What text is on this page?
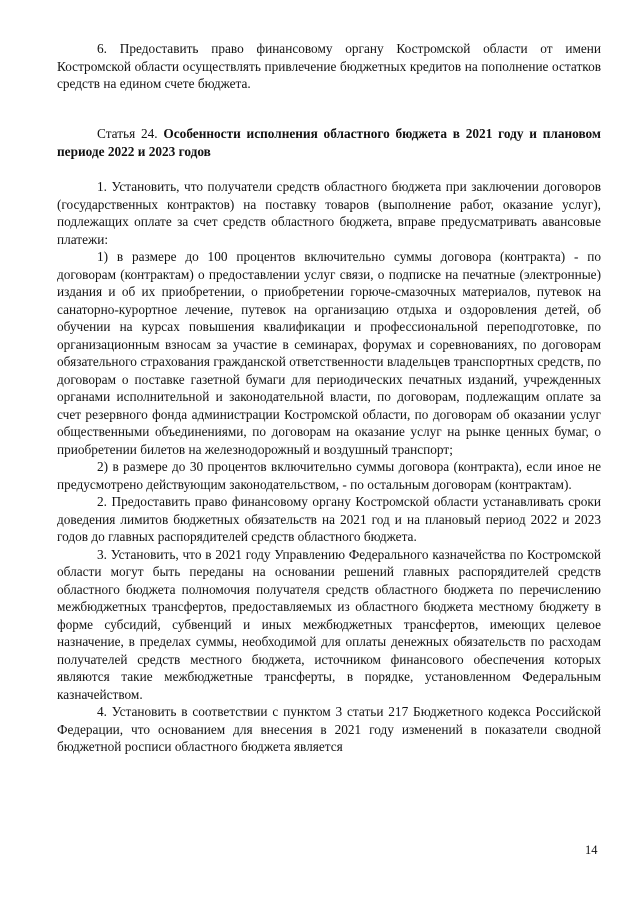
6. Предоставить право финансовому органу Костромской области от имени Костромской области осуществлять привлечение бюджетных кредитов на пополнение остатков средств на едином счете бюджета.

Статья 24. Особенности исполнения областного бюджета в 2021 году и плановом периоде 2022 и 2023 годов

1. Установить, что получатели средств областного бюджета при заключении договоров (государственных контрактов) на поставку товаров (выполнение работ, оказание услуг), подлежащих оплате за счет средств областного бюджета, вправе предусматривать авансовые платежи:

1) в размере до 100 процентов включительно суммы договора (контракта) - по договорам (контрактам) о предоставлении услуг связи, о подписке на печатные (электронные) издания и об их приобретении, о приобретении горюче-смазочных материалов, путевок на санаторно-курортное лечение, путевок на организацию отдыха и оздоровления детей, об обучении на курсах повышения квалификации и профессиональной переподготовке, по организационным взносам за участие в семинарах, форумах и соревнованиях, по договорам обязательного страхования гражданской ответственности владельцев транспортных средств, по договорам о поставке газетной бумаги для периодических печатных изданий, учрежденных органами исполнительной и законодательной власти, по договорам, подлежащим оплате за счет резервного фонда администрации Костромской области, по договорам об оказании услуг общественными объединениями, по договорам на оказание услуг на рынке ценных бумаг, о приобретении билетов на железнодорожный и воздушный транспорт;

2) в размере до 30 процентов включительно суммы договора (контракта), если иное не предусмотрено действующим законодательством, - по остальным договорам (контрактам).

2. Предоставить право финансовому органу Костромской области устанавливать сроки доведения лимитов бюджетных обязательств на 2021 год и на плановый период 2022 и 2023 годов до главных распорядителей средств областного бюджета.

3. Установить, что в 2021 году Управлению Федерального казначейства по Костромской области могут быть переданы на основании решений главных распорядителей средств областного бюджета полномочия получателя средств областного бюджета по перечислению межбюджетных трансфертов, предоставляемых из областного бюджета местному бюджету в форме субсидий, субвенций и иных межбюджетных трансфертов, имеющих целевое назначение, в пределах суммы, необходимой для оплаты денежных обязательств по расходам получателей средств местного бюджета, источником финансового обеспечения которых являются такие межбюджетные трансферты, в порядке, установленном Федеральным казначейством.

4. Установить в соответствии с пунктом 3 статьи 217 Бюджетного кодекса Российской Федерации, что основанием для внесения в 2021 году изменений в показатели сводной бюджетной росписи областного бюджета является

14
